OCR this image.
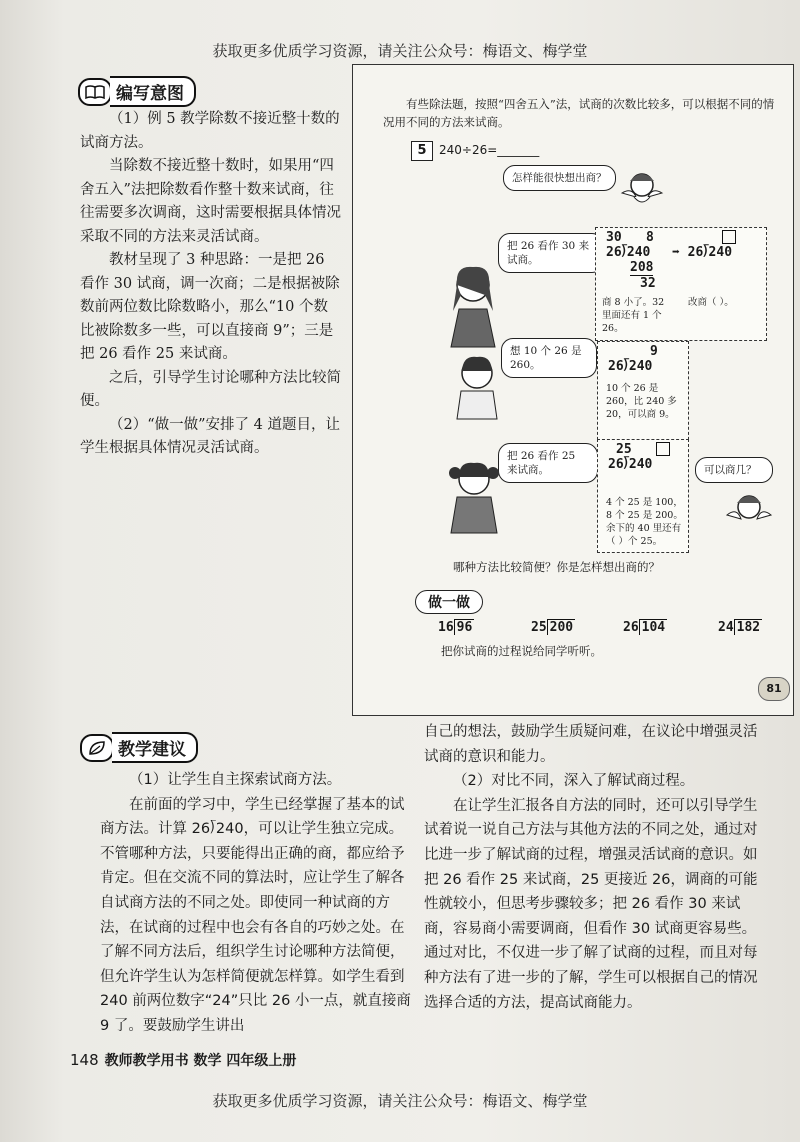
获取更多优质学习资源，请关注公众号：梅语文、梅学堂
编写意图

（1）例 5 教学除数不接近整十数的试商方法。

当除数不接近整十数时，如果用“四舍五入”法把除数看作整十数来试商，往往需要多次调商，这时需要根据具体情况采取不同的方法来灵活试商。

教材呈现了 3 种思路：一是把 26 看作 30 试商，调一次商；二是根据被除数前两位数比除数略小，那么“10 个数比被除数多一些，可以直接商 9”；三是把 26 看作 25 来试商。

之后，引导学生讨论哪种方法比较简便。

（2）“做一做”安排了 4 道题目，让学生根据具体情况灵活试商。

有些除法题，按照“四舍五入”法，试商的次数比较多，可以根据不同的情况用不同的方法来试商。
5	240÷26=_______
怎样能很快想出商？
把 26 看作 30 来试商。
30 8
26⟌240
208
32
➡ 26⟌240
商 8 小了。32 里面还有 1 个 26。
改商（ ）。
想 10 个 26 是 260。
9
26⟌240
10 个 26 是 260，比 240 多 20，可以商 9。
把 26 看作 25 来试商。
25
26⟌240
4 个 25 是 100，8 个 25 是 200。余下的 40 里还有（ ）个 25。
可以商几？
哪种方法比较简便？你是怎样想出商的？
做一做
16 96	25 200	26 104	24 182
把你试商的过程说给同学听听。
81
教学建议

（1）让学生自主探索试商方法。

在前面的学习中，学生已经掌握了基本的试商方法。计算 26⟌240，可以让学生独立完成。不管哪种方法，只要能得出正确的商，都应给予肯定。但在交流不同的算法时，应让学生了解各自试商方法的不同之处。即使同一种试商的方法，在试商的过程中也会有各自的巧妙之处。在了解不同方法后，组织学生讨论哪种方法简便，但允许学生认为怎样简便就怎样算。如学生看到 240 前两位数字“24”只比 26 小一点，就直接商 9 了。要鼓励学生讲出

自己的想法，鼓励学生质疑问难，在议论中增强灵活试商的意识和能力。

（2）对比不同，深入了解试商过程。

在让学生汇报各自方法的同时，还可以引导学生试着说一说自己方法与其他方法的不同之处，通过对比进一步了解试商的过程，增强灵活试商的意识。如把 26 看作 25 来试商，25 更接近 26，调商的可能性就较小，但思考步骤较多；把 26 看作 30 来试商，容易商小需要调商，但看作 30 试商更容易些。通过对比，不仅进一步了解了试商的过程，而且对每种方法有了进一步的了解，学生可以根据自己的情况选择合适的方法，提高试商能力。

148 教师教学用书 数学 四年级上册
获取更多优质学习资源，请关注公众号：梅语文、梅学堂
